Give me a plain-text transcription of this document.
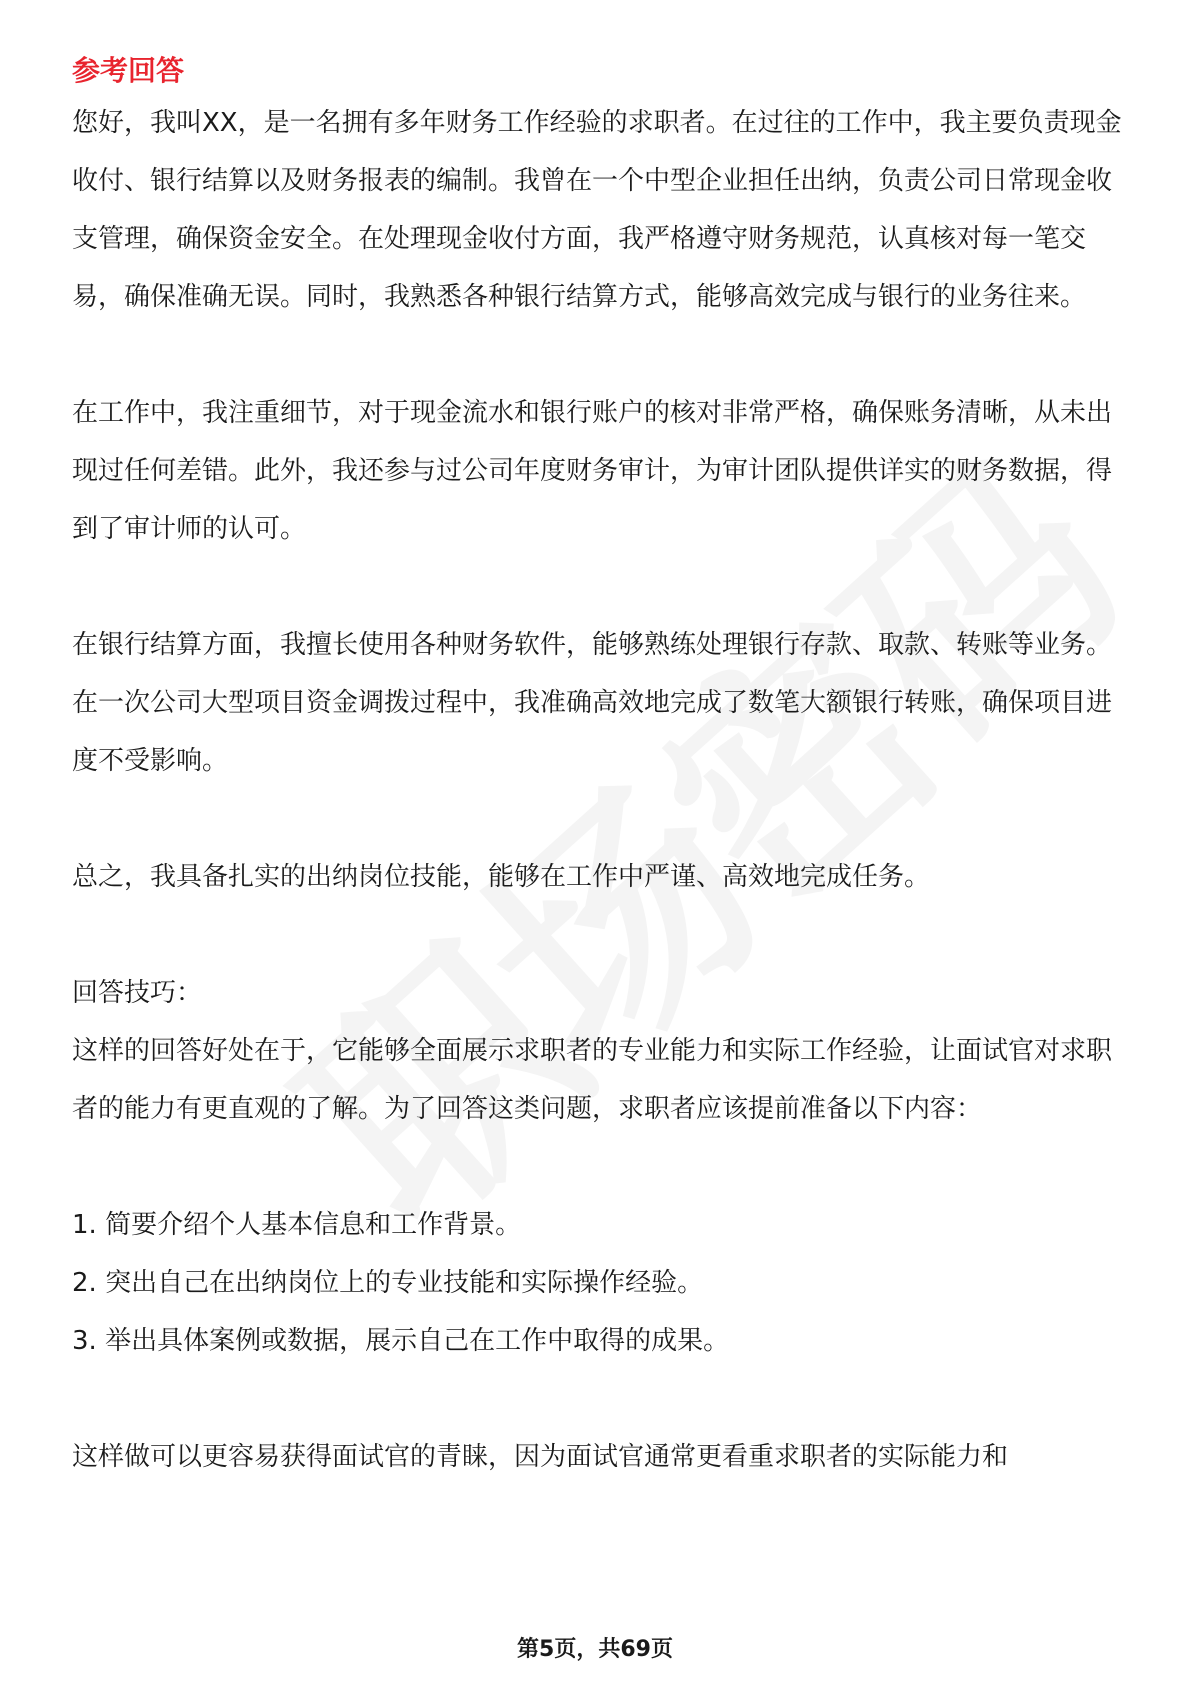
参考回答

您好，我叫XX，是一名拥有多年财务工作经验的求职者。在过往的工作中，我主要负责现金收付、银行结算以及财务报表的编制。我曾在一个中型企业担任出纳，负责公司日常现金收支管理，确保资金安全。在处理现金收付方面，我严格遵守财务规范，认真核对每一笔交易，确保准确无误。同时，我熟悉各种银行结算方式，能够高效完成与银行的业务往来。

在工作中，我注重细节，对于现金流水和银行账户的核对非常严格，确保账务清晰，从未出现过任何差错。此外，我还参与过公司年度财务审计，为审计团队提供详实的财务数据，得到了审计师的认可。

在银行结算方面，我擅长使用各种财务软件，能够熟练处理银行存款、取款、转账等业务。在一次公司大型项目资金调拨过程中，我准确高效地完成了数笔大额银行转账，确保项目进度不受影响。

总之，我具备扎实的出纳岗位技能，能够在工作中严谨、高效地完成任务。

回答技巧：

这样的回答好处在于，它能够全面展示求职者的专业能力和实际工作经验，让面试官对求职者的能力有更直观的了解。为了回答这类问题，求职者应该提前准备以下内容：

1. 简要介绍个人基本信息和工作背景。
2. 突出自己在出纳岗位上的专业技能和实际操作经验。
3. 举出具体案例或数据，展示自己在工作中取得的成果。

这样做可以更容易获得面试官的青睐，因为面试官通常更看重求职者的实际能力和

第5页，共69页
